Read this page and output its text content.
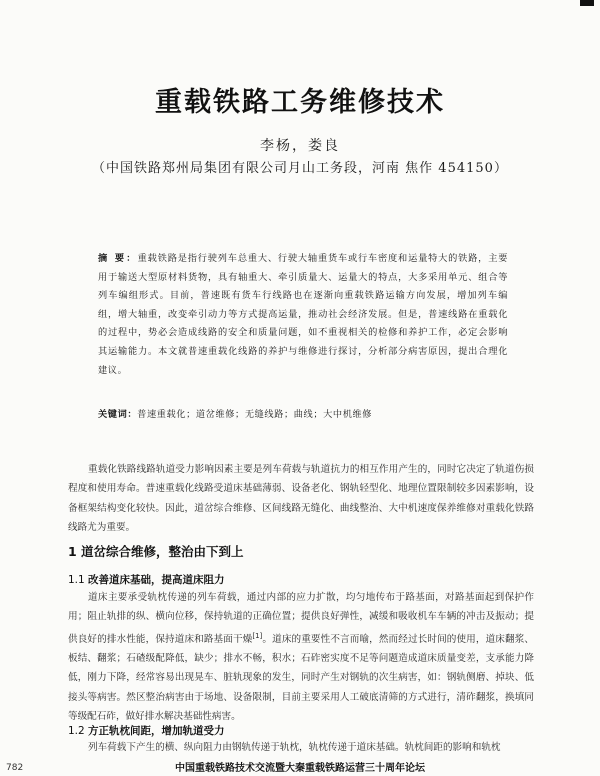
重载铁路工务维修技术
李杨，娄良
（中国铁路郑州局集团有限公司月山工务段，河南 焦作 454150）
摘 要：重载铁路是指行驶列车总重大、行驶大轴重货车或行车密度和运量特大的铁路，主要用于输送大型原材料货物，具有轴重大、牵引质量大、运量大的特点，大多采用单元、组合等列车编组形式。目前，普速既有货车行线路也在逐渐向重载铁路运输方向发展，增加列车编组，增大轴重，改变牵引动力等方式提高运量，推动社会经济发展。但是，普速线路在重载化的过程中，势必会造成线路的安全和质量问题，如不重视相关的检修和养护工作，必定会影响其运输能力。本文就普速重载化线路的养护与维修进行探讨，分析部分病害原因，提出合理化建议。
关键词：普速重载化；道岔维修；无缝线路；曲线；大中机维修
重载化铁路线路轨道受力影响因素主要是列车荷载与轨道抗力的相互作用产生的，同时它决定了轨道伤损程度和使用寿命。普速重载化线路受道床基础薄弱、设备老化、钢轨轻型化、地理位置限制较多因素影响，设备框架结构变化较快。因此，道岔综合维修、区间线路无缝化、曲线整治、大中机速度保养维修对重载化铁路线路尤为重要。
1 道岔综合维修，整治由下到上
1.1 改善道床基础，提高道床阻力
道床主要承受轨枕传递的列车荷载，通过内部的应力扩散，均匀地传布于路基面，对路基面起到保护作用；阻止轨排的纵、横向位移，保持轨道的正确位置；提供良好弹性，减缓和吸收机车车辆的冲击及振动；提供良好的排水性能，保持道床和路基面干燥[1]。道床的重要性不言而喻，然而经过长时间的使用，道床翻浆、板结、翻浆；石碴级配降低，缺少；排水不畅，积水；石砟密实度不足等问题造成道床质量变差，支承能力降低，刚力下降，经常容易出现晃车、脏轨现象的发生，同时产生对钢轨的次生病害，如：钢轨侧磨、掉块、低接头等病害。然区整治病害由于场地、设备限制，目前主要采用人工破底清筛的方式进行，清砟翻浆，换填同等级配石砟，做好排水解决基础性病害。
1.2 方正轨枕间距，增加轨道受力
列车荷载下产生的横、纵向阻力由钢轨传递于轨枕，轨枕传递于道床基础。轨枕间距的影响和轨枕
782	中国重载铁路技术交流暨大秦重载铁路运营三十周年论坛
